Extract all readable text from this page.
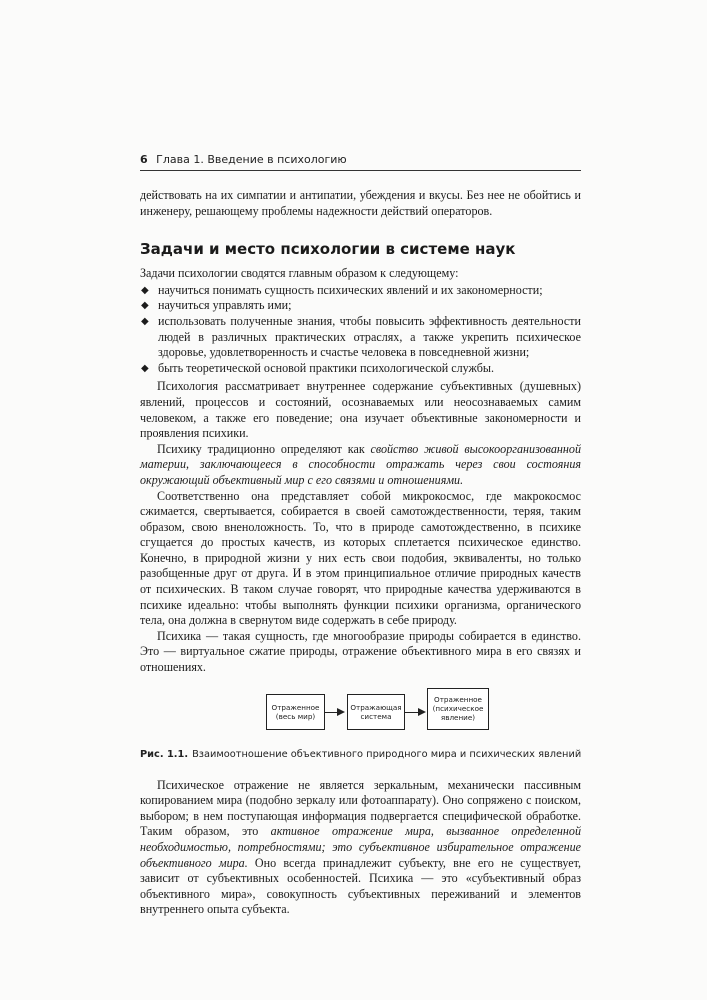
6 Глава 1. Введение в психологию

действовать на их симпатии и антипатии, убеждения и вкусы. Без нее не обойтись и инженеру, решающему проблемы надежности действий операторов.

Задачи и место психологии в системе наук

Задачи психологии сводятся главным образом к следующему:

◆ научиться понимать сущность психических явлений и их закономерности;
◆ научиться управлять ими;
◆ использовать полученные знания, чтобы повысить эффективность деятельности людей в различных практических отраслях, а также укрепить психическое здоровье, удовлетворенность и счастье человека в повседневной жизни;
◆ быть теоретической основой практики психологической службы.

Психология рассматривает внутреннее содержание субъективных (душевных) явлений, процессов и состояний, осознаваемых или неосознаваемых самим человеком, а также его поведение; она изучает объективные закономерности и проявления психики.

Психику традиционно определяют как свойство живой высокоорганизованной материи, заключающееся в способности отражать через свои состояния окружающий объективный мир с его связями и отношениями.

Соответственно она представляет собой микрокосмос, где макрокосмос сжимается, свертывается, собирается в своей самотождественности, теряя, таким образом, свою вненоложность. То, что в природе самотождественно, в психике сгущается до простых качеств, из которых сплетается психическое единство. Конечно, в природной жизни у них есть свои подобия, эквиваленты, но только разобщенные друг от друга. И в этом принципиальное отличие природных качеств от психических. В таком случае говорят, что природные качества удерживаются в психике идеально: чтобы выполнять функции психики организма, органического тела, она должна в свернутом виде содержать в себе природу.

Психика — такая сущность, где многообразие природы собирается в единство. Это — виртуальное сжатие природы, отражение объективного мира в его связях и отношениях.

Отраженное
(весь мир)
Отражающая
система
Отраженное
(психическое
явление)
Рис. 1.1. Взаимоотношение объективного природного мира и психических явлений

Психическое отражение не является зеркальным, механически пассивным копированием мира (подобно зеркалу или фотоаппарату). Оно сопряжено с поиском, выбором; в нем поступающая информация подвергается специфической обработке. Таким образом, это активное отражение мира, вызванное определенной необходимостью, потребностями; это субъективное избирательное отражение объективного мира. Оно всегда принадлежит субъекту, вне его не существует, зависит от субъективных особенностей. Психика — это «субъективный образ объективного мира», совокупность субъективных переживаний и элементов внутреннего опыта субъекта.
